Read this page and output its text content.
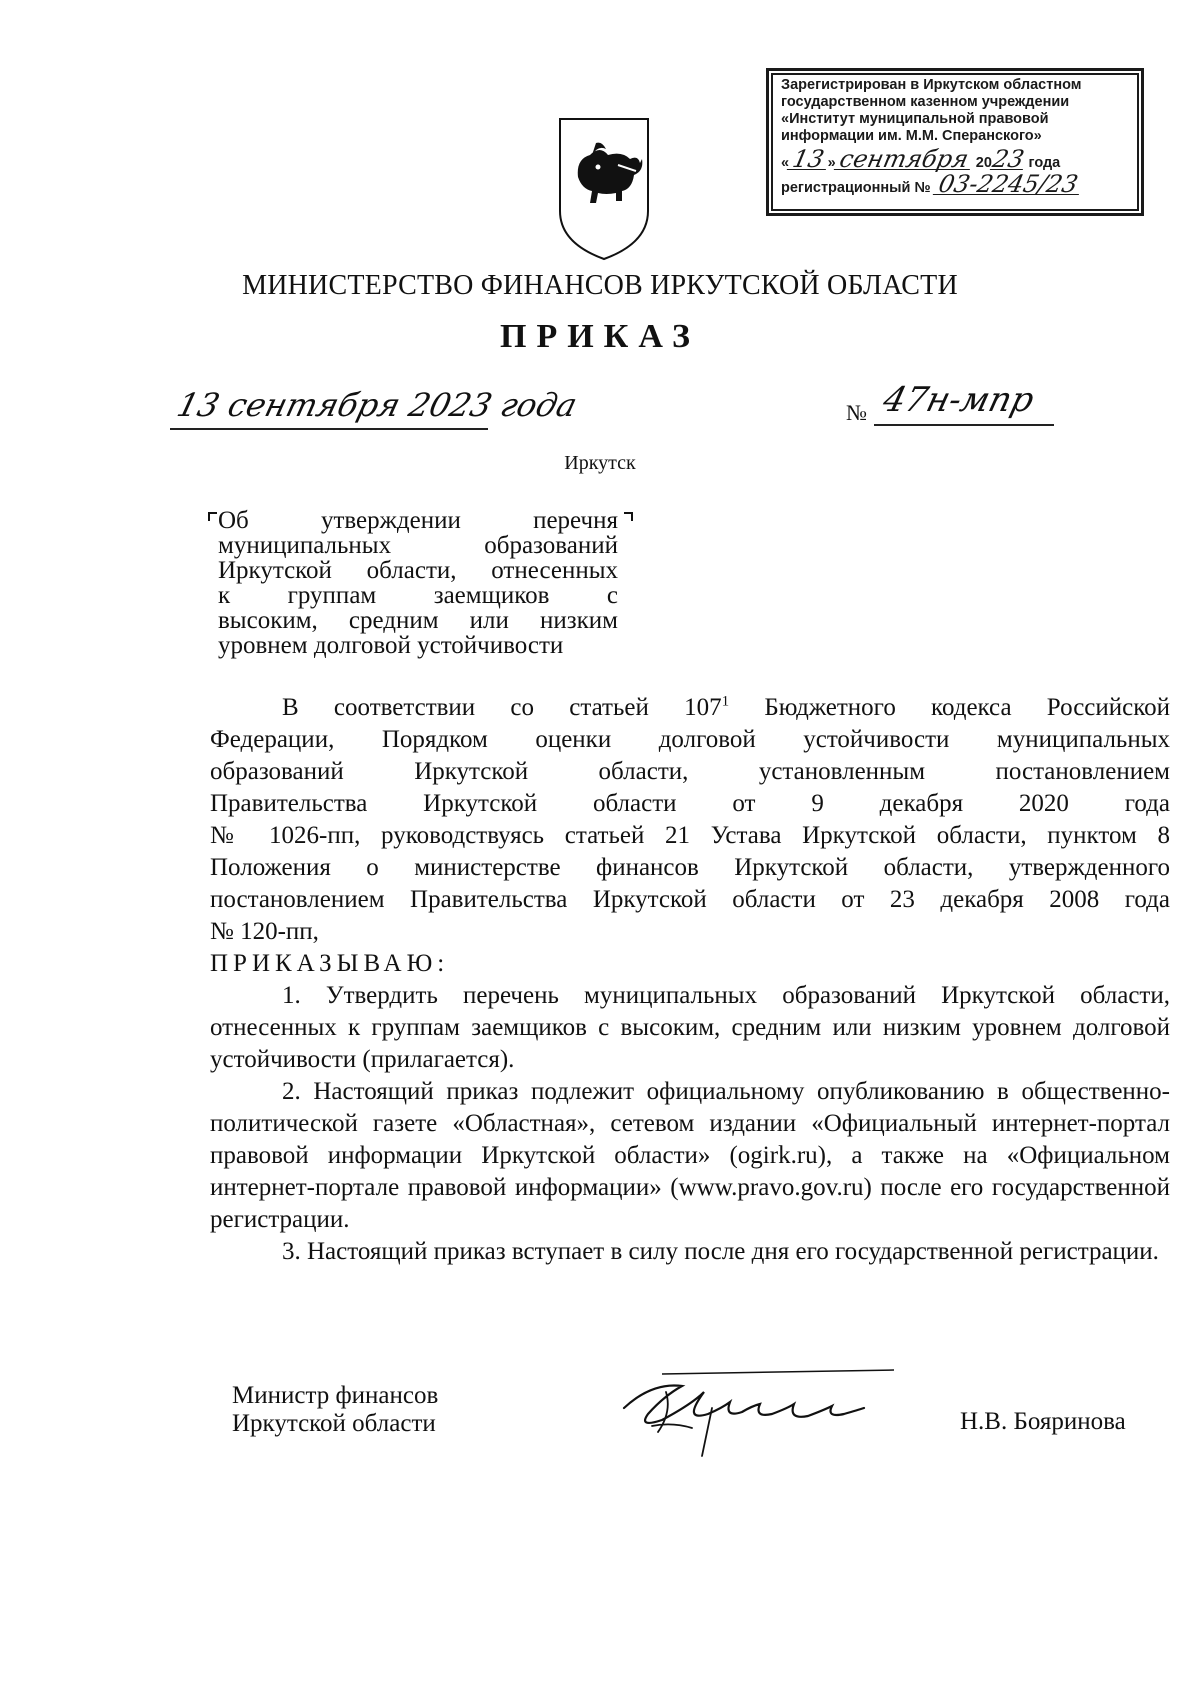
Зарегистрирован в Иркутском областном
государственном казенном учреждении
«Институт муниципальной правовой
информации им. М.М. Сперанского»
«13»сентября 2023 года
регистрационный № 03-2245/23
МИНИСТЕРСТВО ФИНАНСОВ ИРКУТСКОЙ ОБЛАСТИ
ПРИКАЗ
13 сентября 2023 года	№ 47н-мпр
Иркутск
Об утверждении перечня
муниципальных образований
Иркутской области, отнесенных
к группам заемщиков с
высоким, средним или низким
уровнем долговой устойчивости
В соответствии со статьей $107^1$ Бюджетного кодекса Российской
Федерации, Порядком оценки долговой устойчивости муниципальных
образований Иркутской области, установленным постановлением
Правительства Иркутской области от 9 декабря 2020 года
№ 1026-пп, руководствуясь статьей 21 Устава Иркутской области, пунктом 8
Положения о министерстве финансов Иркутской области, утвержденного
постановлением Правительства Иркутской области от 23 декабря 2008 года
№ 120-пп,
ПРИКАЗЫВАЮ:

1. Утвердить перечень муниципальных образований Иркутской области, отнесенных к группам заемщиков с высоким, средним или низким уровнем долговой устойчивости (прилагается).

2. Настоящий приказ подлежит официальному опубликованию в общественно-политической газете «Областная», сетевом издании «Официальный интернет-портал правовой информации Иркутской области» (ogirk.ru), а также на «Официальном интернет-портале правовой информации» (www.pravo.gov.ru) после его государственной регистрации.

3. Настоящий приказ вступает в силу после дня его государственной регистрации.

Министр финансов
Иркутской области	Н.В. Бояринова
